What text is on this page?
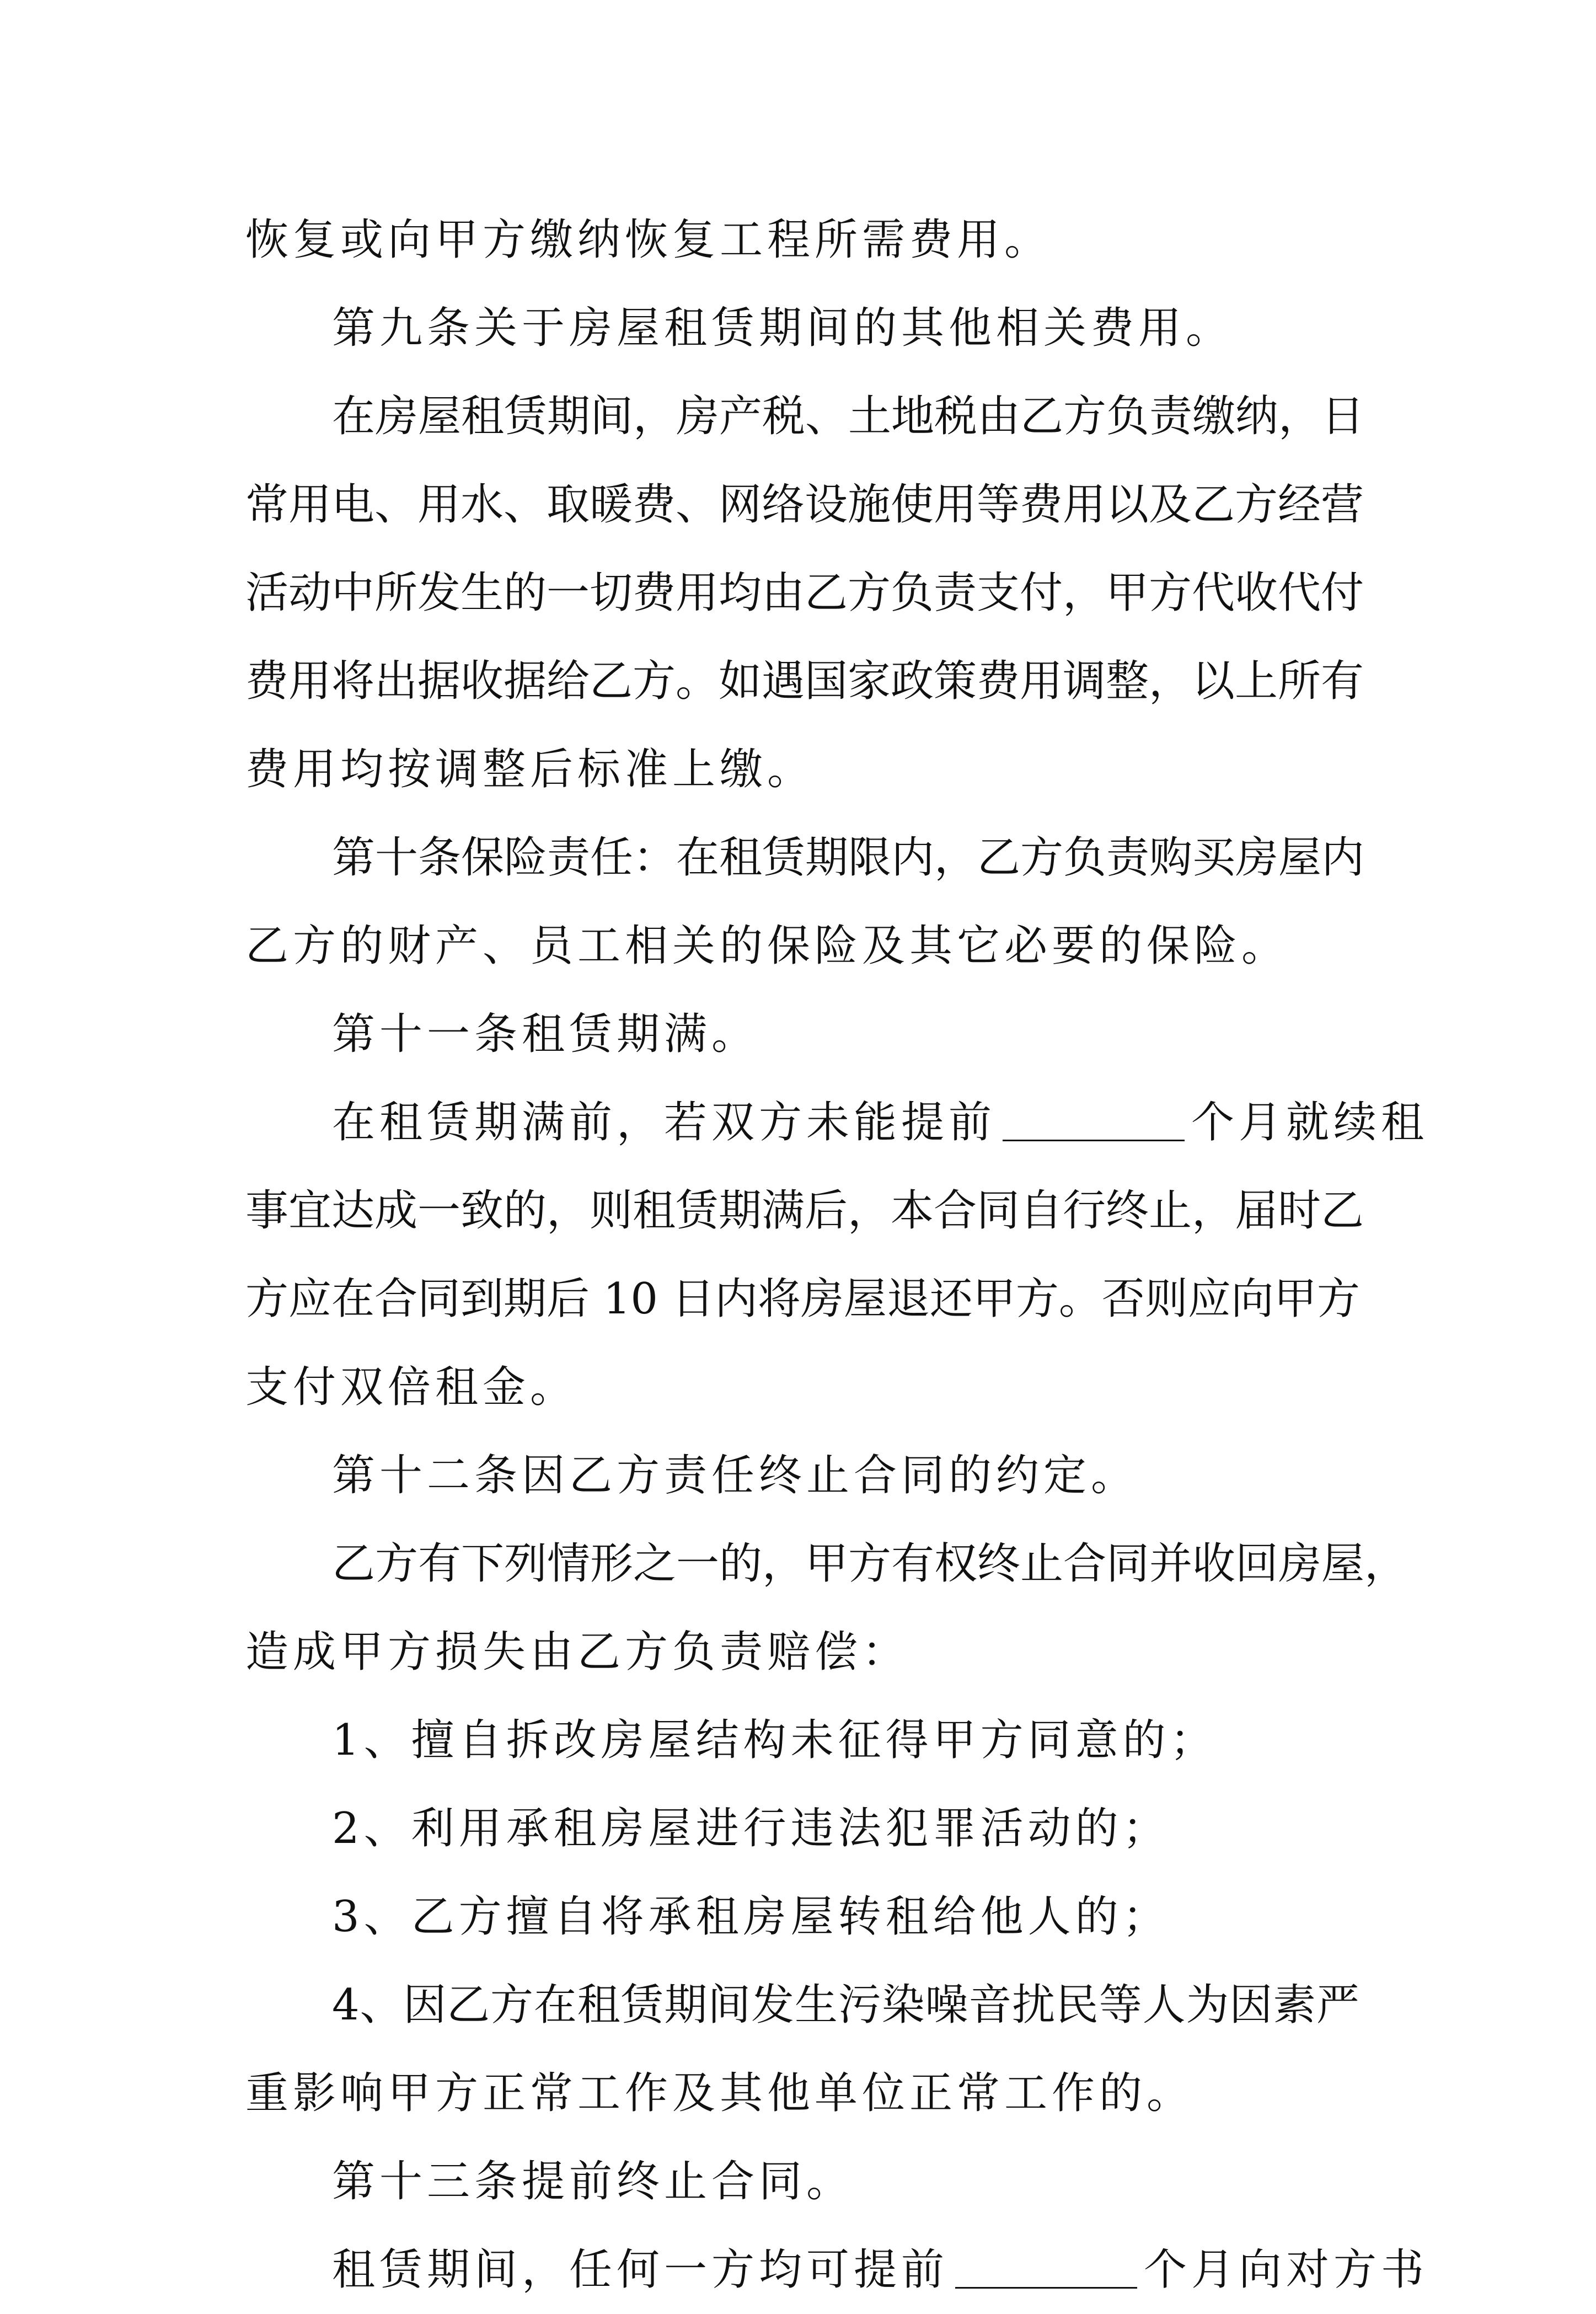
恢复或向甲方缴纳恢复工程所需费用。
第九条关于房屋租赁期间的其他相关费用。
在房屋租赁期间，房产税、土地税由乙方负责缴纳，日
常用电、用水、取暖费、网络设施使用等费用以及乙方经营
活动中所发生的一切费用均由乙方负责支付，甲方代收代付
费用将出据收据给乙方。如遇国家政策费用调整，以上所有
费用均按调整后标准上缴。
第十条保险责任：在租赁期限内，乙方负责购买房屋内
乙方的财产、员工相关的保险及其它必要的保险。
第十一条租赁期满。
在租赁期满前，若双方未能提前	个月就续租
事宜达成一致的，则租赁期满后，本合同自行终止，届时乙
方应在合同到期后 10 日内将房屋退还甲方。否则应向甲方
支付双倍租金。
第十二条因乙方责任终止合同的约定。
乙方有下列情形之一的，甲方有权终止合同并收回房屋，
造成甲方损失由乙方负责赔偿：
1、擅自拆改房屋结构未征得甲方同意的；
2、利用承租房屋进行违法犯罪活动的；
3、乙方擅自将承租房屋转租给他人的；
4、因乙方在租赁期间发生污染噪音扰民等人为因素严
重影响甲方正常工作及其他单位正常工作的。
第十三条提前终止合同。
租赁期间，任何一方均可提前	个月向对方书
